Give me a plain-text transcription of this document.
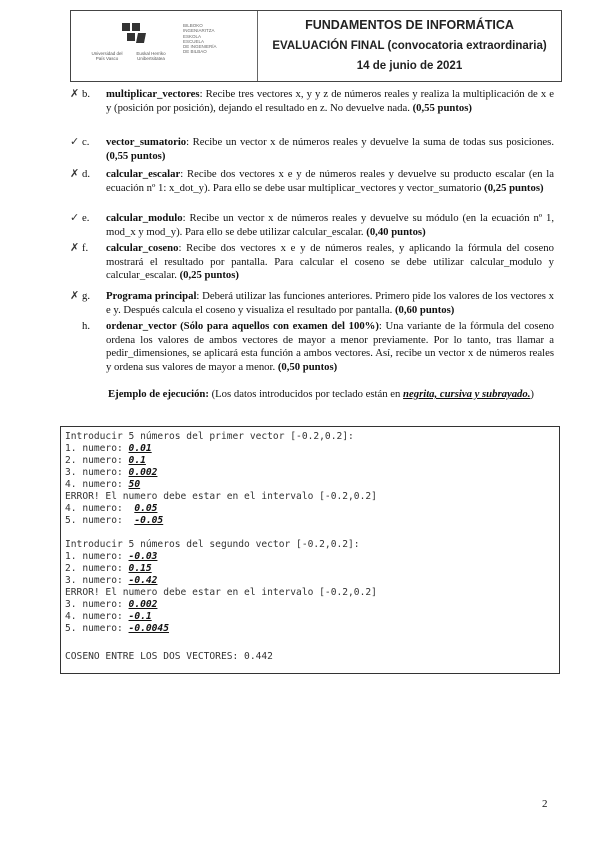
Universidad del País Vasco
Euskal Herriko Unibertsitatea
BILBOKO
INGENIARITZA
ESKOLA
ESCUELA
DE INGENIERÍA
DE BILBAO
FUNDAMENTOS DE INFORMÁTICA
EVALUACIÓN FINAL (convocatoria extraordinaria)
14 de junio de 2021
✗ b.	multiplicar_vectores: Recibe tres vectores x, y y z de números reales y realiza la multiplicación de x e y (posición por posición), dejando el resultado en z. No devuelve nada. (0,55 puntos)
✓ c.	vector_sumatorio: Recibe un vector x de números reales y devuelve la suma de todas sus posiciones. (0,55 puntos)
✗ d.	calcular_escalar: Recibe dos vectores x e y de números reales y devuelve su producto escalar (en la ecuación nº 1: x_dot_y). Para ello se debe usar multiplicar_vectores y vector_sumatorio (0,25 puntos)
✓ e.	calcular_modulo: Recibe un vector x de números reales y devuelve su módulo (en la ecuación nº 1, mod_x y mod_y). Para ello se debe utilizar calcular_escalar. (0,40 puntos)
✗ f.	calcular_coseno: Recibe dos vectores x e y de números reales, y aplicando la fórmula del coseno mostrará el resultado por pantalla. Para calcular el coseno se debe utilizar calcular_modulo y calcular_escalar. (0,25 puntos)
✗ g.	Programa principal: Deberá utilizar las funciones anteriores. Primero pide los valores de los vectores x e y. Después calcula el coseno y visualiza el resultado por pantalla. (0,60 puntos)
h.	ordenar_vector (Sólo para aquellos con examen del 100%): Una variante de la fórmula del coseno ordena los valores de ambos vectores de mayor a menor previamente. Por lo tanto, tras llamar a pedir_dimensiones, se aplicará esta función a ambos vectores. Así, recibe un vector x de números reales y ordena sus valores de mayor a menor. (0,50 puntos)
Ejemplo de ejecución: (Los datos introducidos por teclado están en negrita, cursiva y subrayado.)
Introducir 5 números del primer vector [-0.2,0.2]:
1. numero: 0.01
2. numero: 0.1
3. numero: 0.002
4. numero: 50
ERROR! El numero debe estar en el intervalo [-0.2,0.2]
4. numero:  0.05
5. numero:  -0.05
Introducir 5 números del segundo vector [-0.2,0.2]:
1. numero: -0.03
2. numero: 0.15
3. numero: -0.42
ERROR! El numero debe estar en el intervalo [-0.2,0.2]
3. numero: 0.002
4. numero: -0.1
5. numero: -0.0045
COSENO ENTRE LOS DOS VECTORES: 0.442
2
